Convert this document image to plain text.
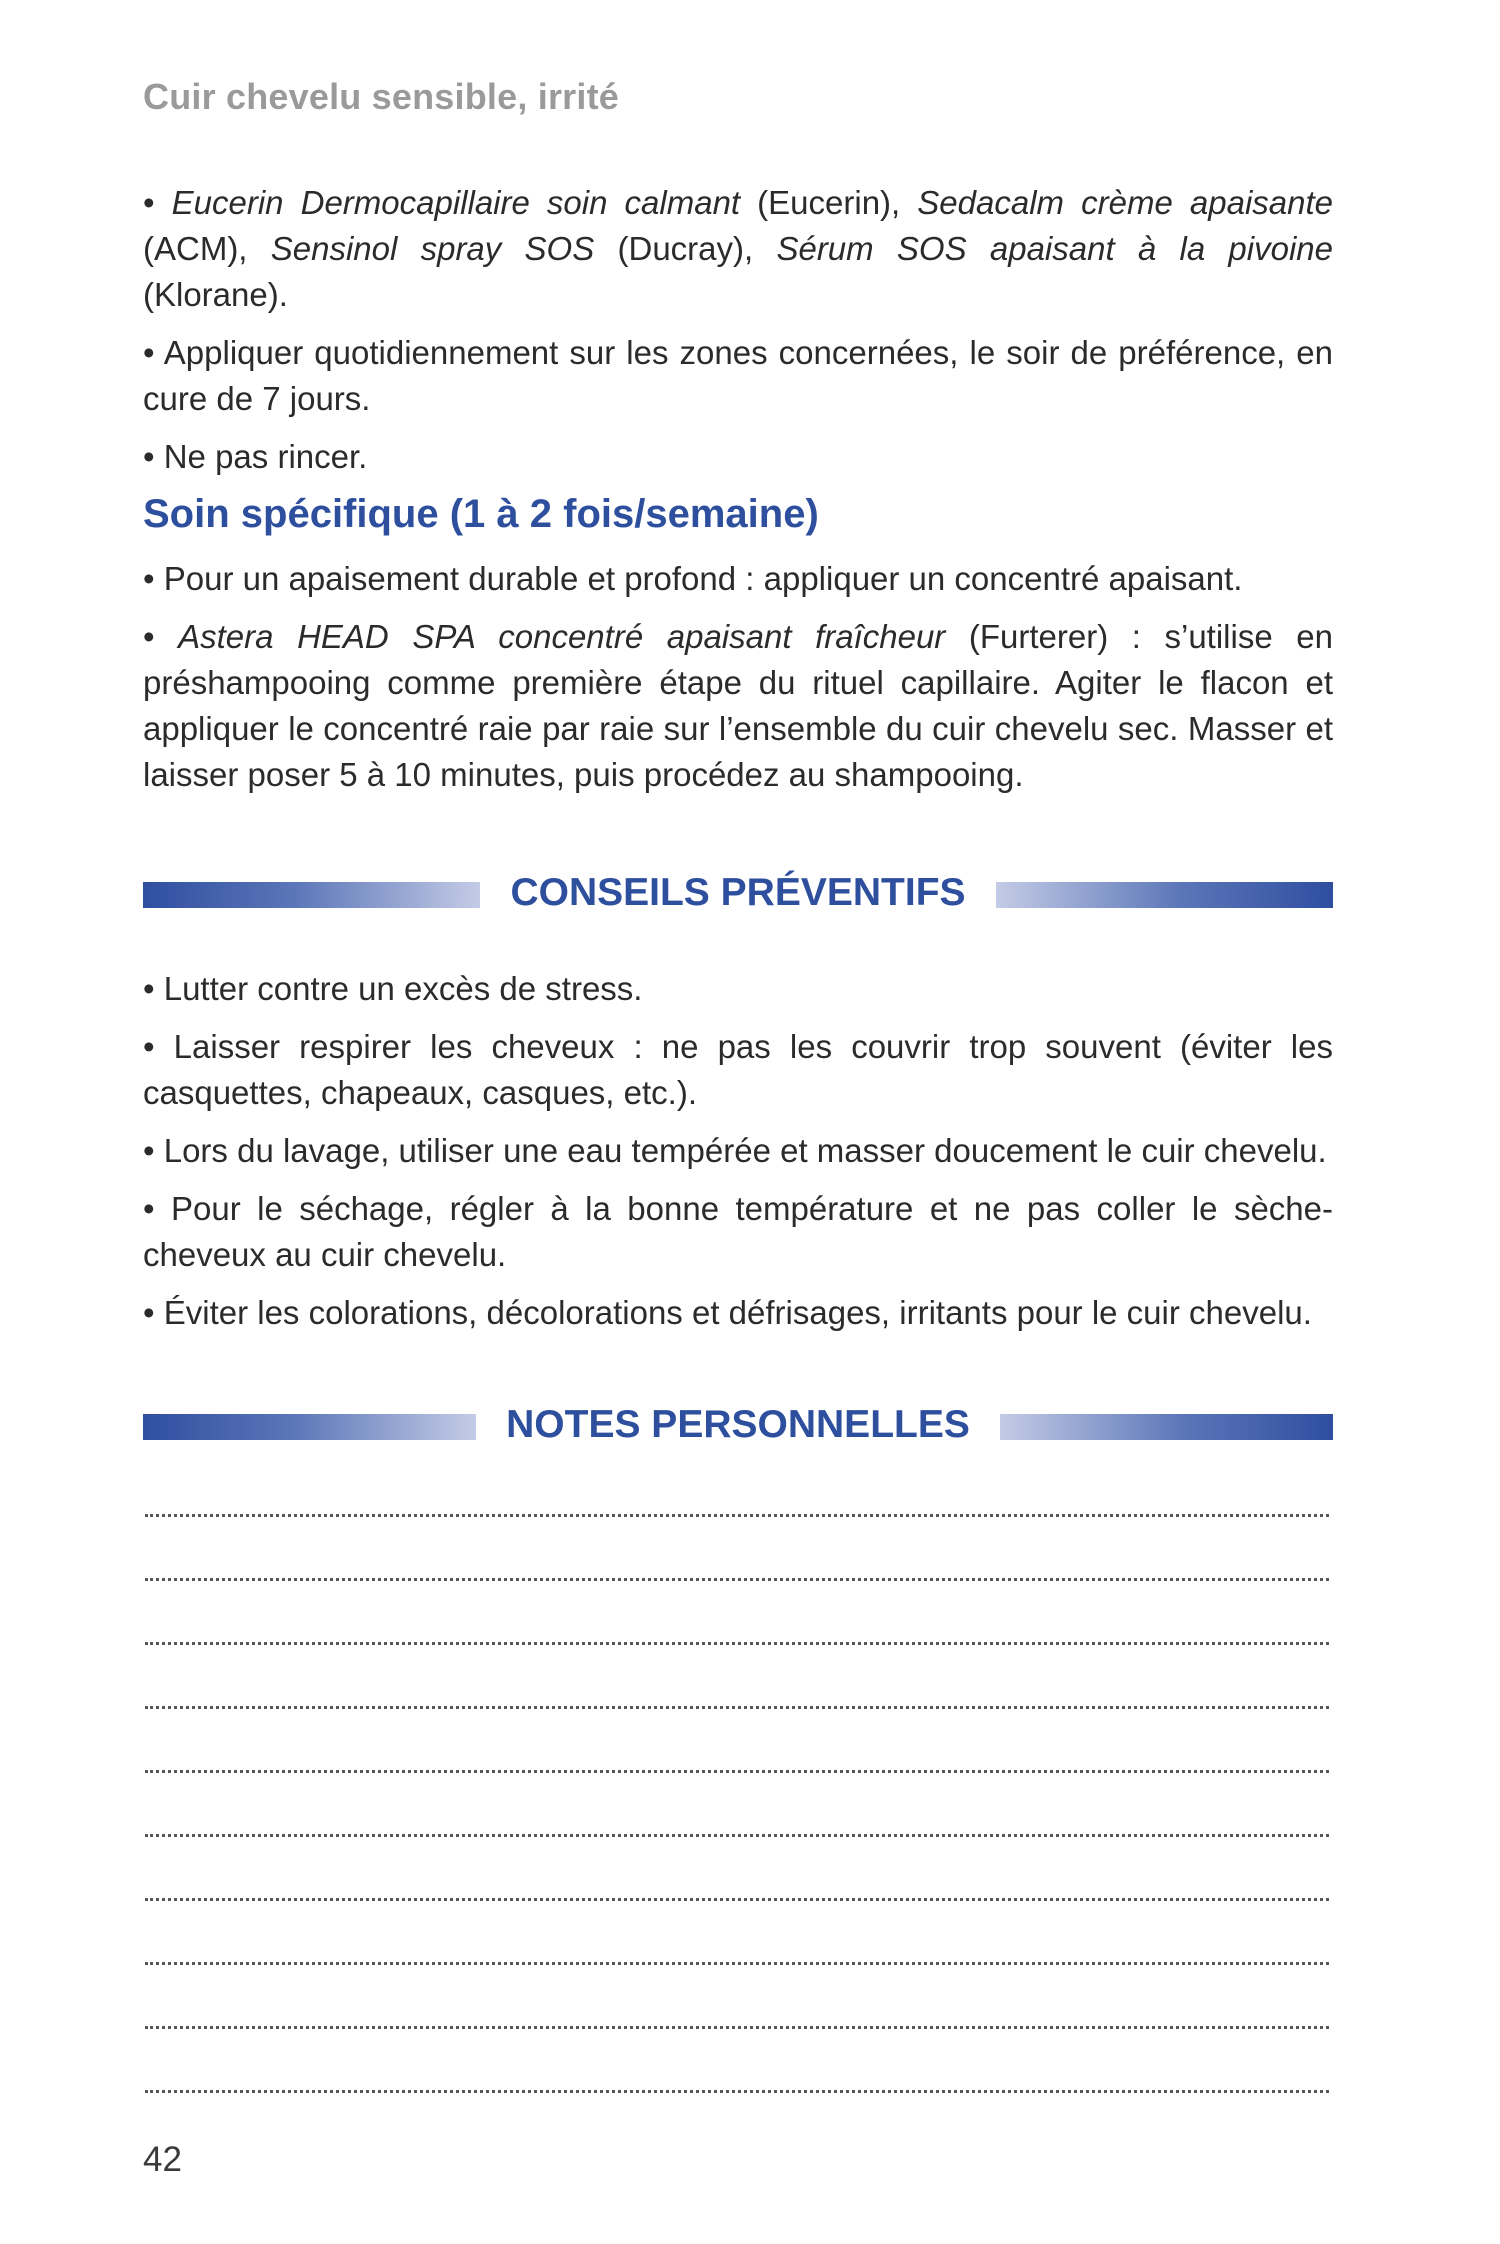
Cuir chevelu sensible, irrité

• Eucerin Dermocapillaire soin calmant (Eucerin), Sedacalm crème apaisante (ACM), Sensinol spray SOS (Ducray), Sérum SOS apaisant à la pivoine (Klorane).

• Appliquer quotidiennement sur les zones concernées, le soir de préférence, en cure de 7 jours.

• Ne pas rincer.

Soin spécifique (1 à 2 fois/semaine)

• Pour un apaisement durable et profond : appliquer un concentré apaisant.

• Astera HEAD SPA concentré apaisant fraîcheur (Furterer) : s’utilise en préshampooing comme première étape du rituel capillaire. Agiter le flacon et appliquer le concentré raie par raie sur l’ensemble du cuir chevelu sec. Masser et laisser poser 5 à 10 minutes, puis procédez au shampooing.

CONSEILS PRÉVENTIFS

• Lutter contre un excès de stress.

• Laisser respirer les cheveux : ne pas les couvrir trop souvent (éviter les casquettes, chapeaux, casques, etc.).

• Lors du lavage, utiliser une eau tempérée et masser doucement le cuir chevelu.

• Pour le séchage, régler à la bonne température et ne pas coller le sèche-cheveux au cuir chevelu.

• Éviter les colorations, décolorations et défrisages, irritants pour le cuir chevelu.

NOTES PERSONNELLES
42
